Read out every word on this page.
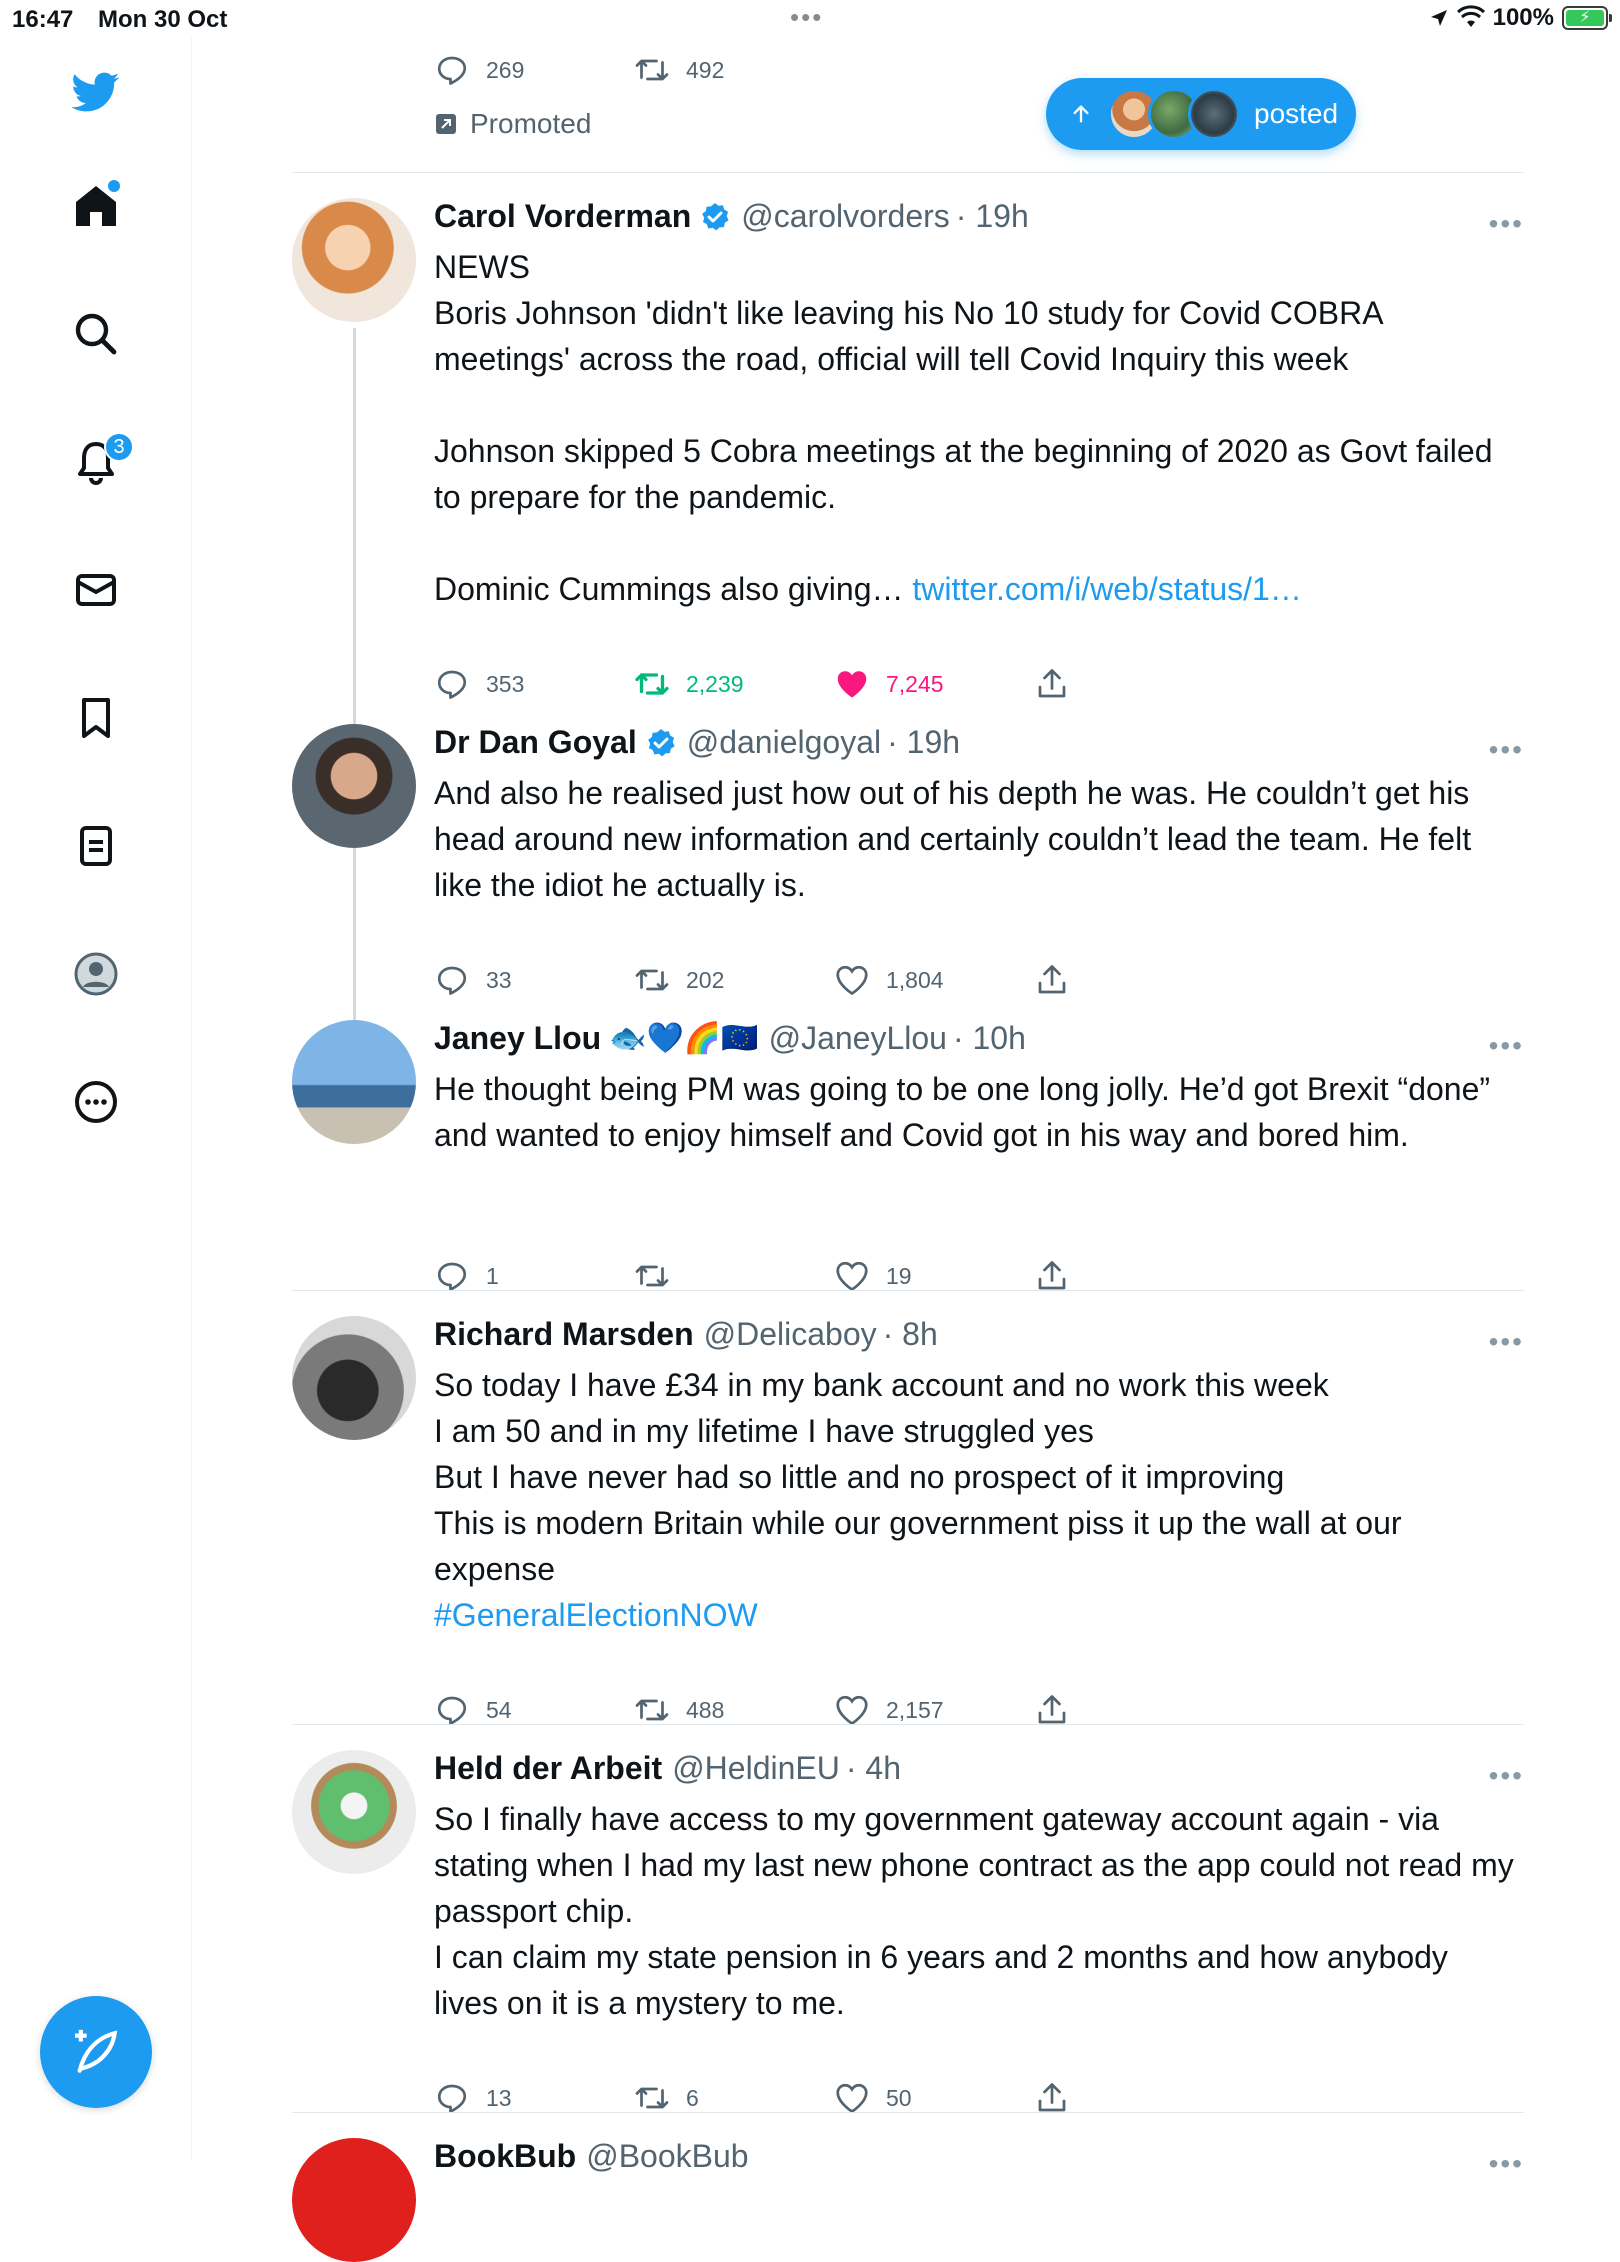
16:47 Mon 30 Oct	•••	100%	⚡
3
269	492
Promoted	posted
Carol Vorderman @carolvorders · 19h	•••

NEWS

Boris Johnson 'didn't like leaving his No 10 study for Covid COBRA meetings' across the road, official will tell Covid Inquiry this week

Johnson skipped 5 Cobra meetings at the beginning of 2020 as Govt failed to prepare for the pandemic.

Dominic Cummings also giving… twitter.com/i/web/status/1…

353	2,239	7,245
Dr Dan Goyal @danielgoyal · 19h	•••
And also he realised just how out of his depth he was. He couldn’t get his head around new information and certainly couldn’t lead the team. He felt like the idiot he actually is.
33	202	1,804
Janey Llou 🐟💙🌈🇪🇺 @JaneyLlou · 10h	•••
He thought being PM was going to be one long jolly. He’d got Brexit “done” and wanted to enjoy himself and Covid got in his way and bored him.
1	19
Richard Marsden @Delicaboy · 8h	•••

So today I have £34 in my bank account and no work this week

I am 50 and in my lifetime I have struggled yes

But I have never had so little and no prospect of it improving

This is modern Britain while our government piss it up the wall at our expense

#GeneralElectionNOW

54	488	2,157
Held der Arbeit @HeldinEU · 4h	•••

So I finally have access to my government gateway account again - via stating when I had my last new phone contract as the app could not read my passport chip.

I can claim my state pension in 6 years and 2 months and how anybody lives on it is a mystery to me.

13	6	50
BookBub @BookBub	•••
